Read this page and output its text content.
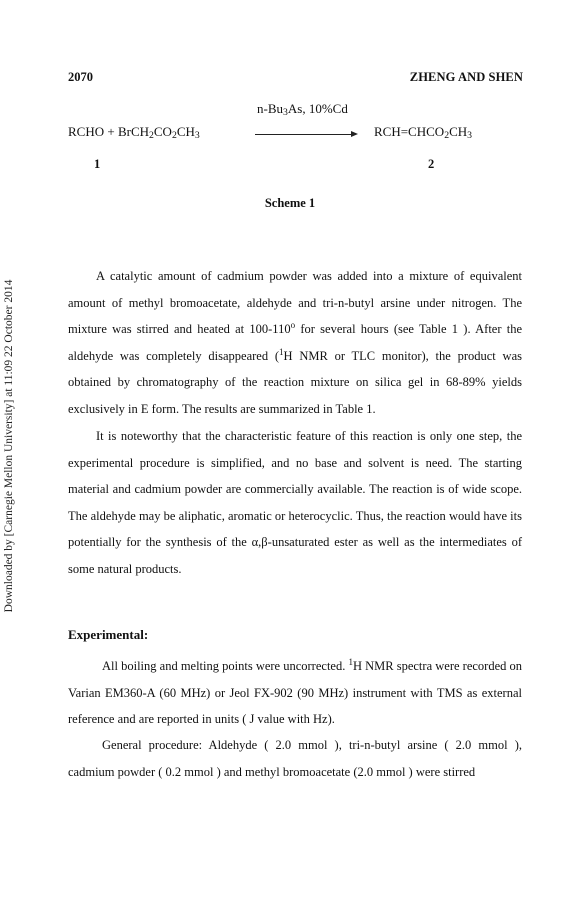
2070	ZHENG AND SHEN
$n-Bu_3As$, 10%Cd
RCHO + $BrCH_2CO_2CH_3$	$RCH=CHCO_2CH_3$
1	2
Scheme 1
Downloaded by [Carnegie Mellon University] at 11:09 22 October 2014
A catalytic amount of cadmium powder was added into a mixture of equivalent amount of methyl bromoacetate, aldehyde and tri-n-butyl arsine under nitrogen. The mixture was stirred and heated at 100-110$^o$ for several hours (see Table 1 ). After the aldehyde was completely disappeared ($^1$H NMR or TLC monitor), the product was obtained by chromatography of the reaction mixture on silica gel in 68-89% yields exclusively in E form. The results are summarized in Table 1.
It is noteworthy that the characteristic feature of this reaction is only one step, the experimental procedure is simplified, and no base and solvent is need. The starting material and cadmium powder are commercially available. The reaction is of wide scope. The aldehyde may be aliphatic, aromatic or heterocyclic. Thus, the reaction would have its potentially for the synthesis of the α,β-unsaturated ester as well as the intermediates of some natural products.
Experimental:
All boiling and melting points were uncorrected. $^1$H NMR spectra were recorded on Varian EM360-A (60 MHz) or Jeol FX-902 (90 MHz) instrument with TMS as external reference and are reported in units ( J value with Hz).
General procedure: Aldehyde ( 2.0 mmol ), tri-n-butyl arsine ( 2.0 mmol ), cadmium powder ( 0.2 mmol ) and methyl bromoacetate (2.0 mmol ) were stirred
